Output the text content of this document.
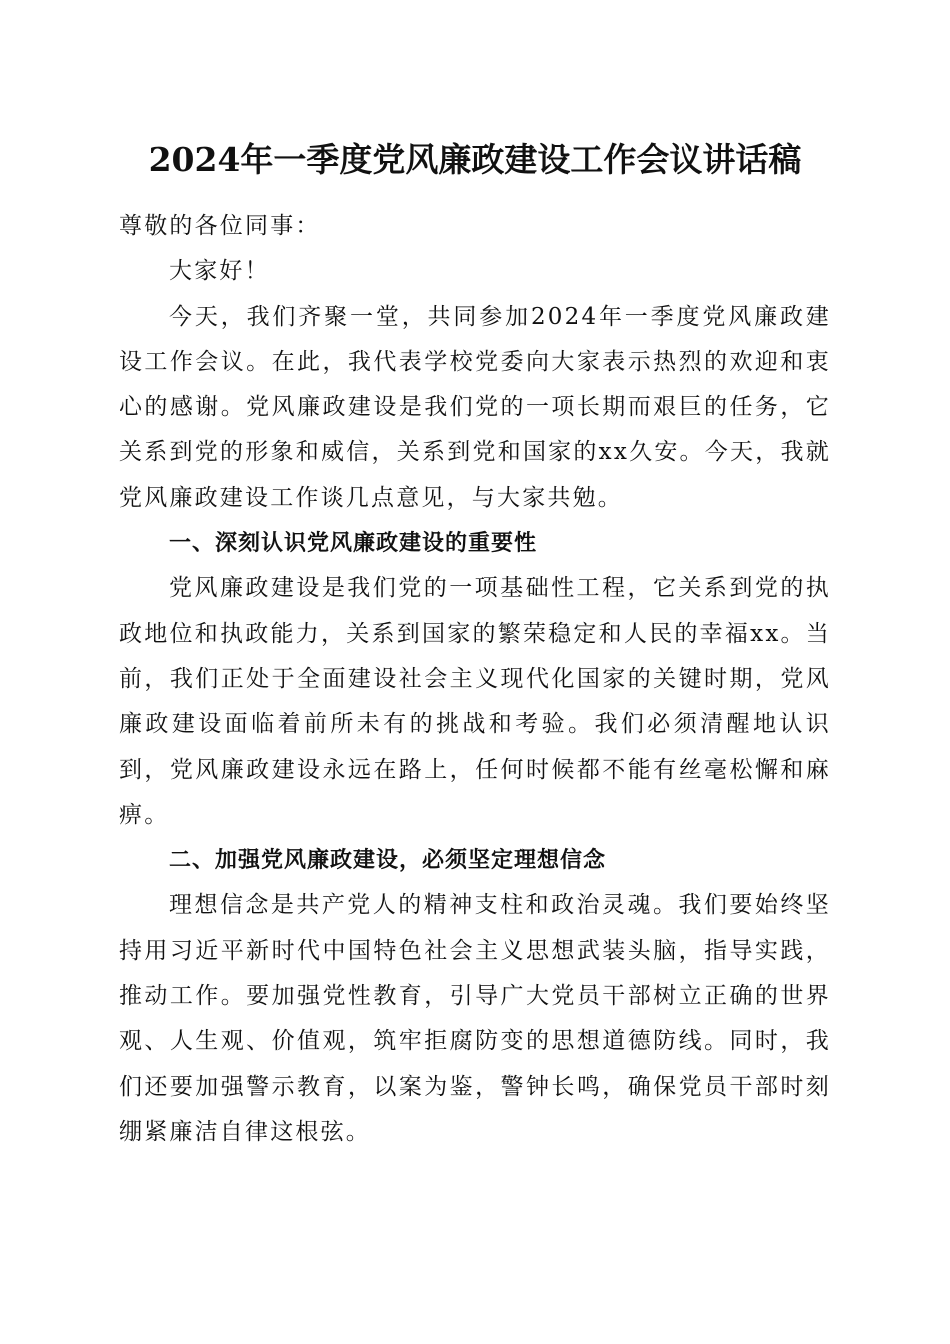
2024年一季度党风廉政建设工作会议讲话稿

尊敬的各位同事：

大家好！

今天，我们齐聚一堂，共同参加2024年一季度党风廉政建设工作会议。在此，我代表学校党委向大家表示热烈的欢迎和衷心的感谢。党风廉政建设是我们党的一项长期而艰巨的任务，它关系到党的形象和威信，关系到党和国家的xx久安。今天，我就党风廉政建设工作谈几点意见，与大家共勉。

一、深刻认识党风廉政建设的重要性

党风廉政建设是我们党的一项基础性工程，它关系到党的执政地位和执政能力，关系到国家的繁荣稳定和人民的幸福xx。当前，我们正处于全面建设社会主义现代化国家的关键时期，党风廉政建设面临着前所未有的挑战和考验。我们必须清醒地认识到，党风廉政建设永远在路上，任何时候都不能有丝毫松懈和麻痹。

二、加强党风廉政建设，必须坚定理想信念

理想信念是共产党人的精神支柱和政治灵魂。我们要始终坚持用习近平新时代中国特色社会主义思想武装头脑，指导实践，推动工作。要加强党性教育，引导广大党员干部树立正确的世界观、人生观、价值观，筑牢拒腐防变的思想道德防线。同时，我们还要加强警示教育，以案为鉴，警钟长鸣，确保党员干部时刻绷紧廉洁自律这根弦。
